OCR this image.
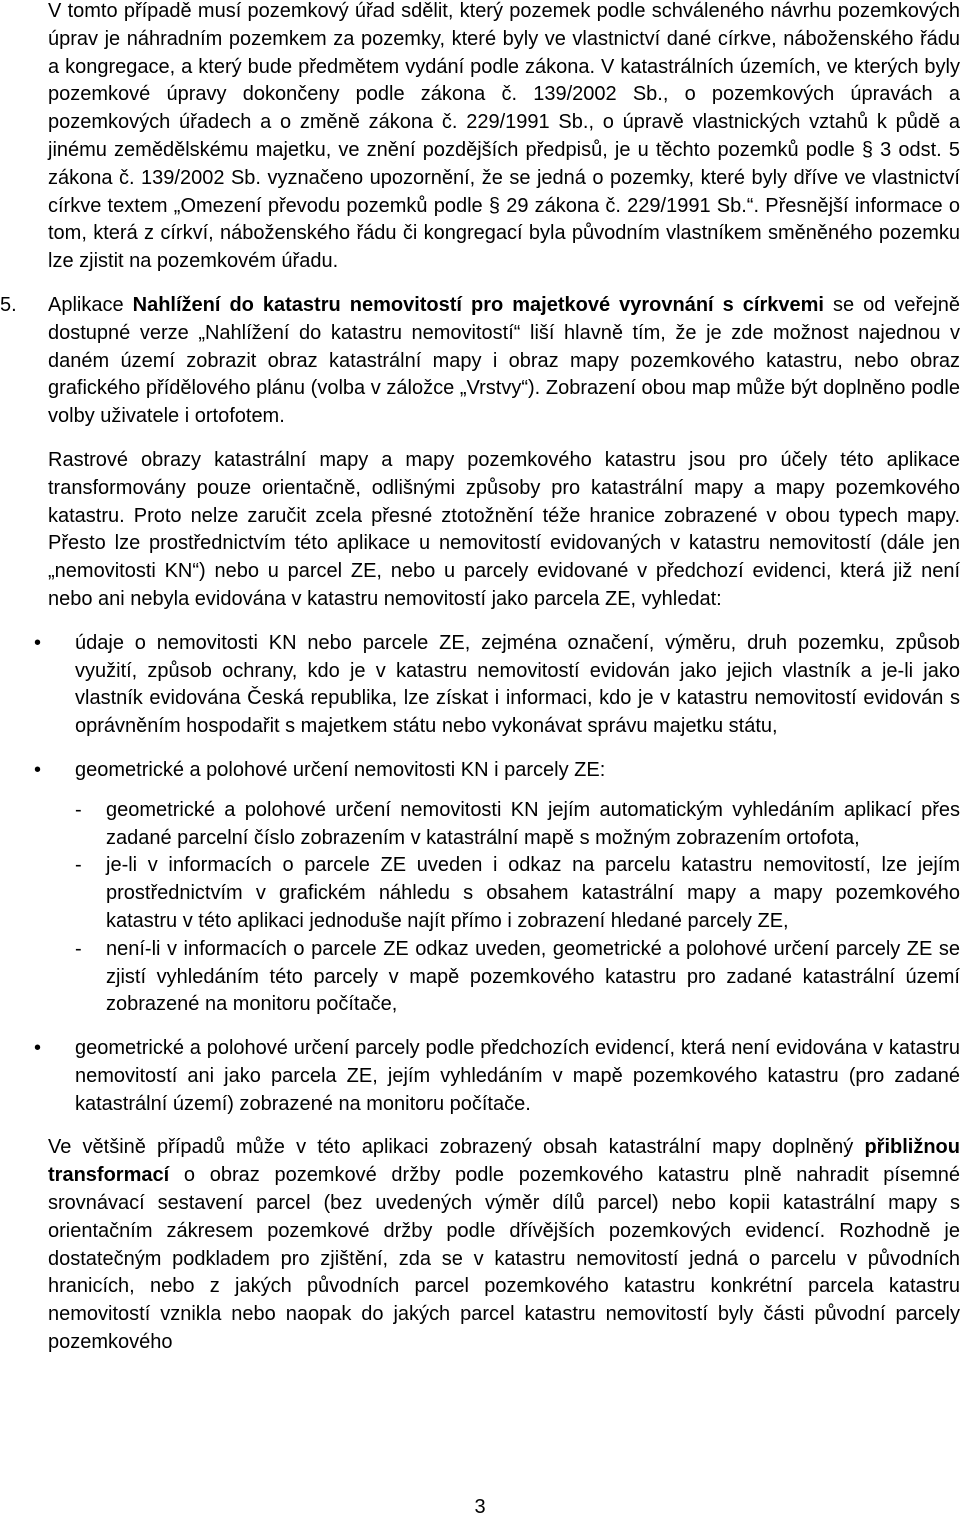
V tomto případě musí pozemkový úřad sdělit, který pozemek podle schváleného návrhu pozemkových úprav je náhradním pozemkem za pozemky, které byly ve vlastnictví dané církve, náboženského řádu a kongregace, a který bude předmětem vydání podle zákona. V katastrálních územích, ve kterých byly pozemkové úpravy dokončeny podle zákona č. 139/2002 Sb., o pozemkových úpravách a pozemkových úřadech a o změně zákona č. 229/1991 Sb., o úpravě vlastnických vztahů k půdě a jinému zemědělskému majetku, ve znění pozdějších předpisů, je u těchto pozemků podle § 3 odst. 5 zákona č. 139/2002 Sb. vyznačeno upozornění, že se jedná o pozemky, které byly dříve ve vlastnictví církve textem „Omezení převodu pozemků podle § 29 zákona č. 229/1991 Sb.“. Přesnější informace o tom, která z církví, náboženského řádu či kongregací byla původním vlastníkem směněného pozemku lze zjistit na pozemkovém úřadu.

5. Aplikace Nahlížení do katastru nemovitostí pro majetkové vyrovnání s církvemi se od veřejně dostupné verze „Nahlížení do katastru nemovitostí“ liší hlavně tím, že je zde možnost najednou v daném území zobrazit obraz katastrální mapy i obraz mapy pozemkového katastru, nebo obraz grafického přídělového plánu (volba v záložce „Vrstvy“). Zobrazení obou map může být doplněno podle volby uživatele i ortofotem.

Rastrové obrazy katastrální mapy a mapy pozemkového katastru jsou pro účely této aplikace transformovány pouze orientačně, odlišnými způsoby pro katastrální mapy a mapy pozemkového katastru. Proto nelze zaručit zcela přesné ztotožnění téže hranice zobrazené v obou typech mapy. Přesto lze prostřednictvím této aplikace u nemovitostí evidovaných v katastru nemovitostí (dále jen „nemovitosti KN“) nebo u parcel ZE, nebo u parcely evidované v předchozí evidenci, která již není nebo ani nebyla evidována v katastru nemovitostí jako parcela ZE, vyhledat:

• údaje o nemovitosti KN nebo parcele ZE, zejména označení, výměru, druh pozemku, způsob využití, způsob ochrany, kdo je v katastru nemovitostí evidován jako jejich vlastník a je-li jako vlastník evidována Česká republika, lze získat i informaci, kdo je v katastru nemovitostí evidován s oprávněním hospodařit s majetkem státu nebo vykonávat správu majetku státu,
• geometrické a polohové určení nemovitosti KN i parcely ZE:
- geometrické a polohové určení nemovitosti KN jejím automatickým vyhledáním aplikací přes zadané parcelní číslo zobrazením v katastrální mapě s možným zobrazením ortofota,
- je-li v informacích o parcele ZE uveden i odkaz na parcelu katastru nemovitostí, lze jejím prostřednictvím v grafickém náhledu s obsahem katastrální mapy a mapy pozemkového katastru v této aplikaci jednoduše najít přímo i zobrazení hledané parcely ZE,
- není-li v informacích o parcele ZE odkaz uveden, geometrické a polohové určení parcely ZE se zjistí vyhledáním této parcely v mapě pozemkového katastru pro zadané katastrální území zobrazené na monitoru počítače,
• geometrické a polohové určení parcely podle předchozích evidencí, která není evidována v katastru nemovitostí ani jako parcela ZE, jejím vyhledáním v mapě pozemkového katastru (pro zadané katastrální území) zobrazené na monitoru počítače.

Ve většině případů může v této aplikaci zobrazený obsah katastrální mapy doplněný přibližnou transformací o obraz pozemkové držby podle pozemkového katastru plně nahradit písemné srovnávací sestavení parcel (bez uvedených výměr dílů parcel) nebo kopii katastrální mapy s orientačním zákresem pozemkové držby podle dřívějších pozemkových evidencí. Rozhodně je dostatečným podkladem pro zjištění, zda se v katastru nemovitostí jedná o parcelu v původních hranicích, nebo z jakých původních parcel pozemkového katastru konkrétní parcela katastru nemovitostí vznikla nebo naopak do jakých parcel katastru nemovitostí byly části původní parcely pozemkového

3
